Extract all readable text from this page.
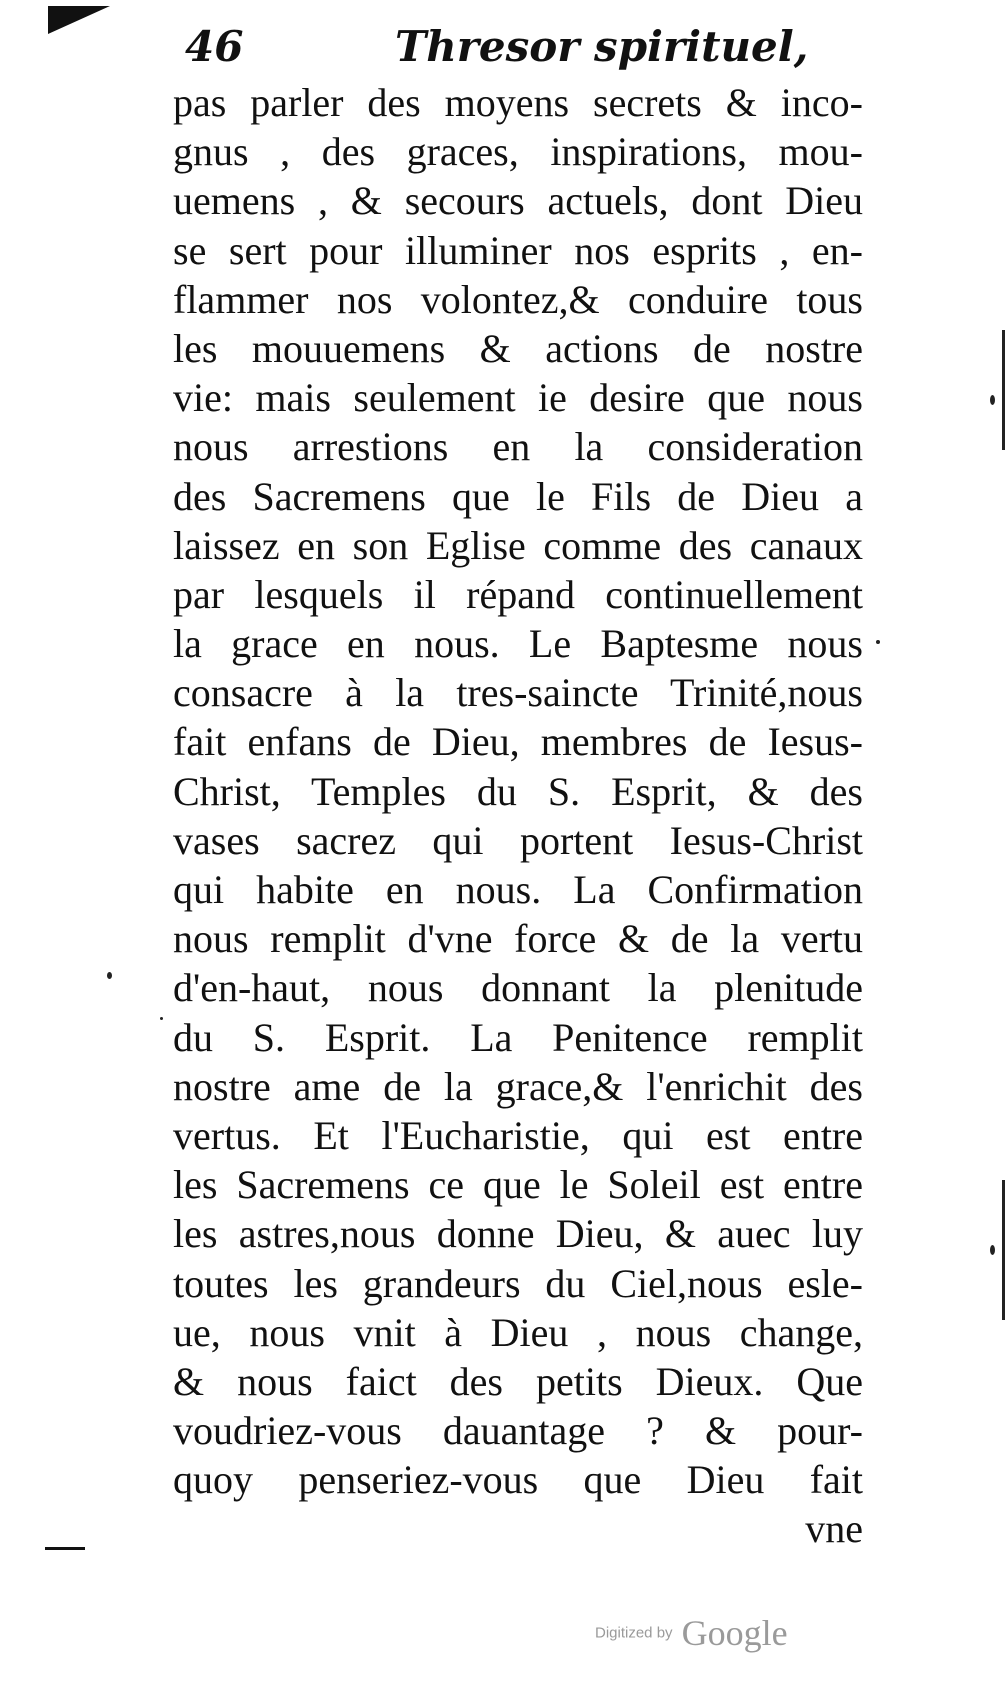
46	Thresor spirituel,
pas parler des moyens secrets & inco-
gnus , des graces, inspirations, mou-
uemens , & secours actuels, dont Dieu
se sert pour illuminer nos esprits , en-
flammer nos volontez,& conduire tous
les mouuemens & actions de nostre
vie: mais seulement ie desire que nous
nous arrestions en la consideration
des Sacremens que le Fils de Dieu a
laissez en son Eglise comme des canaux
par lesquels il répand continuellement
la grace en nous. Le Baptesme nous
consacre à la tres-saincte Trinité,nous
fait enfans de Dieu, membres de Iesus-
Christ, Temples du S. Esprit, & des
vases sacrez qui portent Iesus-Christ
qui habite en nous. La Confirmation
nous remplit d'vne force & de la vertu
d'en-haut, nous donnant la plenitude
du S. Esprit. La Penitence remplit
nostre ame de la grace,& l'enrichit des
vertus. Et l'Eucharistie, qui est entre
les Sacremens ce que le Soleil est entre
les astres,nous donne Dieu, & auec luy
toutes les grandeurs du Ciel,nous esle-
ue, nous vnit à Dieu , nous change,
& nous faict des petits Dieux. Que
voudriez-vous dauantage ? & pour-
quoy penseriez-vous que Dieu fait
vne
Digitized by Google
